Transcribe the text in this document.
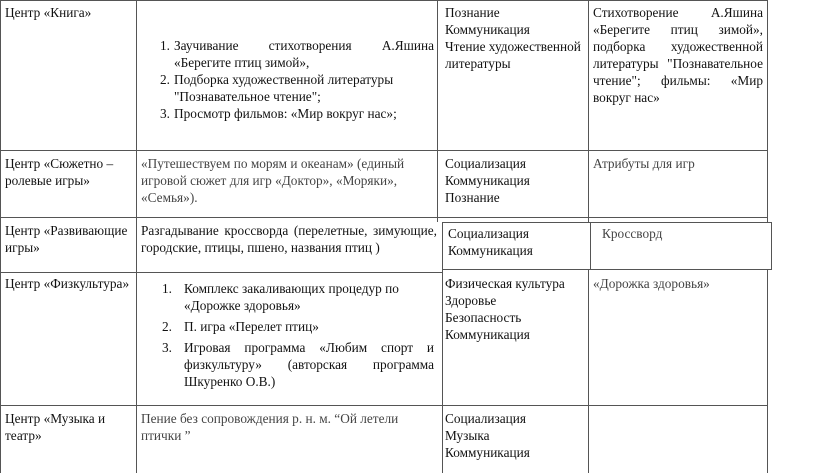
Центр «Книга»
1. Заучивание стихотворения А.Яшина «Берегите птиц зимой»,
2. Подборка художественной литературы "Познавательное чтение";
3. Просмотр фильмов: «Мир вокруг нас»;
Познание
Коммуникация
Чтение художественной литературы
Стихотворение А.Яшина «Берегите птиц зимой», подборка художественной литературы "Познавательное чтение"; фильмы: «Мир вокруг нас»
Центр «Сюжетно – ролевые игры»
«Путешествуем по морям и океанам» (единый игровой сюжет для игр «Доктор», «Моряки», «Семья»).
Социализация
Коммуникация
Познание
Атрибуты для игр
Центр «Развивающие игры»
Разгадывание кроссворда (перелетные, зимующие, городские, птицы, пшено, названия птиц )
Социализация
Коммуникация
Кроссворд
Центр «Физкультура» 1. Комплекс закаливающих процедур по «Дорожке здоровья»
2. П. игра «Перелет птиц»
3. Игровая программа «Любим спорт и физкультуру» (авторская программа Шкуренко О.В.)
Физическая культура
Здоровье
Безопасность
Коммуникация
«Дорожка здоровья»
Центр «Музыка и театр»
Пение без сопровождения р. н. м. “Ой летели птички ”
Социализация
Музыка
Коммуникация
